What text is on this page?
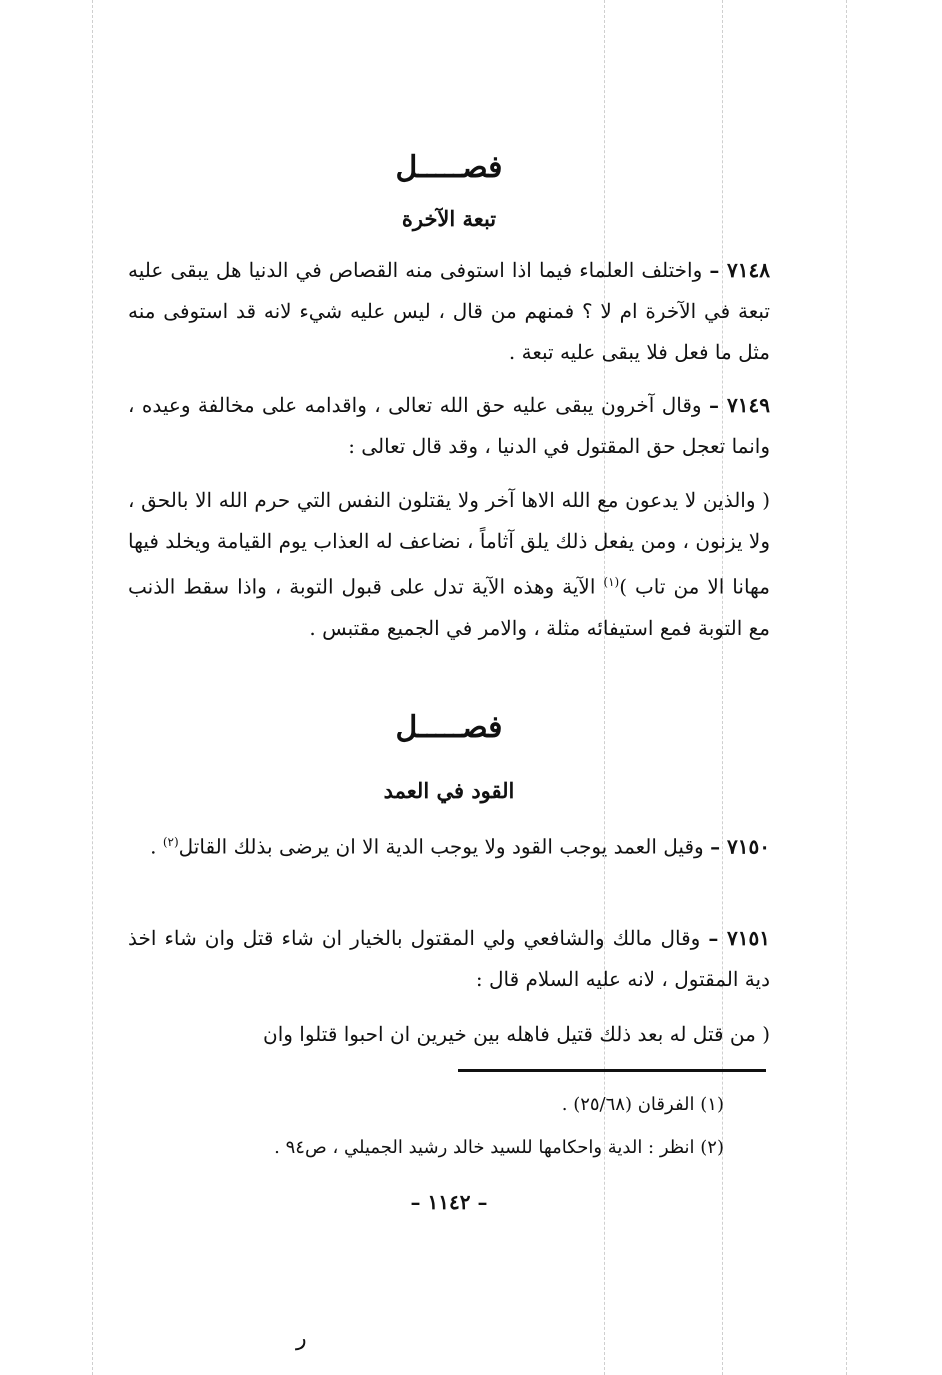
فصـــــل
تبعة الآخرة
٧١٤٨ – واختلف العلماء فيما اذا استوفى منه القصاص في الدنيا هل يبقى عليه تبعة في الآخرة ام لا ؟ فمنهم من قال ، ليس عليه شيء لانه قد استوفى منه مثل ما فعل فلا يبقى عليه تبعة .
٧١٤٩ – وقال آخرون يبقى عليه حق الله تعالى ، واقدامه على مخالفة وعيده ، وانما تعجل حق المقتول في الدنيا ، وقد قال تعالى :
( والذين لا يدعون مع الله الاها آخر ولا يقتلون النفس التي حرم الله الا بالحق ، ولا يزنون ، ومن يفعل ذلك يلق آثاماً ، نضاعف له العذاب يوم القيامة ويخلد فيها مهانا الا من تاب )$^{(١)}$ الآية وهذه الآية تدل على قبول التوبة ، واذا سقط الذنب مع التوبة فمع استيفائه مثلة ، والامر في الجميع مقتبس .
فصـــــل
القود في العمد
٧١٥٠ – وقيل العمد يوجب القود ولا يوجب الدية الا ان يرضى بذلك القاتل$^{(٢)}$ .
٧١٥١ – وقال مالك والشافعي ولي المقتول بالخيار ان شاء قتل وان شاء اخذ دية المقتول ، لانه عليه السلام قال :
( من قتل له بعد ذلك قتيل فاهله بين خيرين ان احبوا قتلوا وان
(١) الفرقان (٢٥/٦٨) .
(٢) انظر : الدية واحكامها للسيد خالد رشيد الجميلي ، ص٩٤ .
– ١١٤٢ –
ر
